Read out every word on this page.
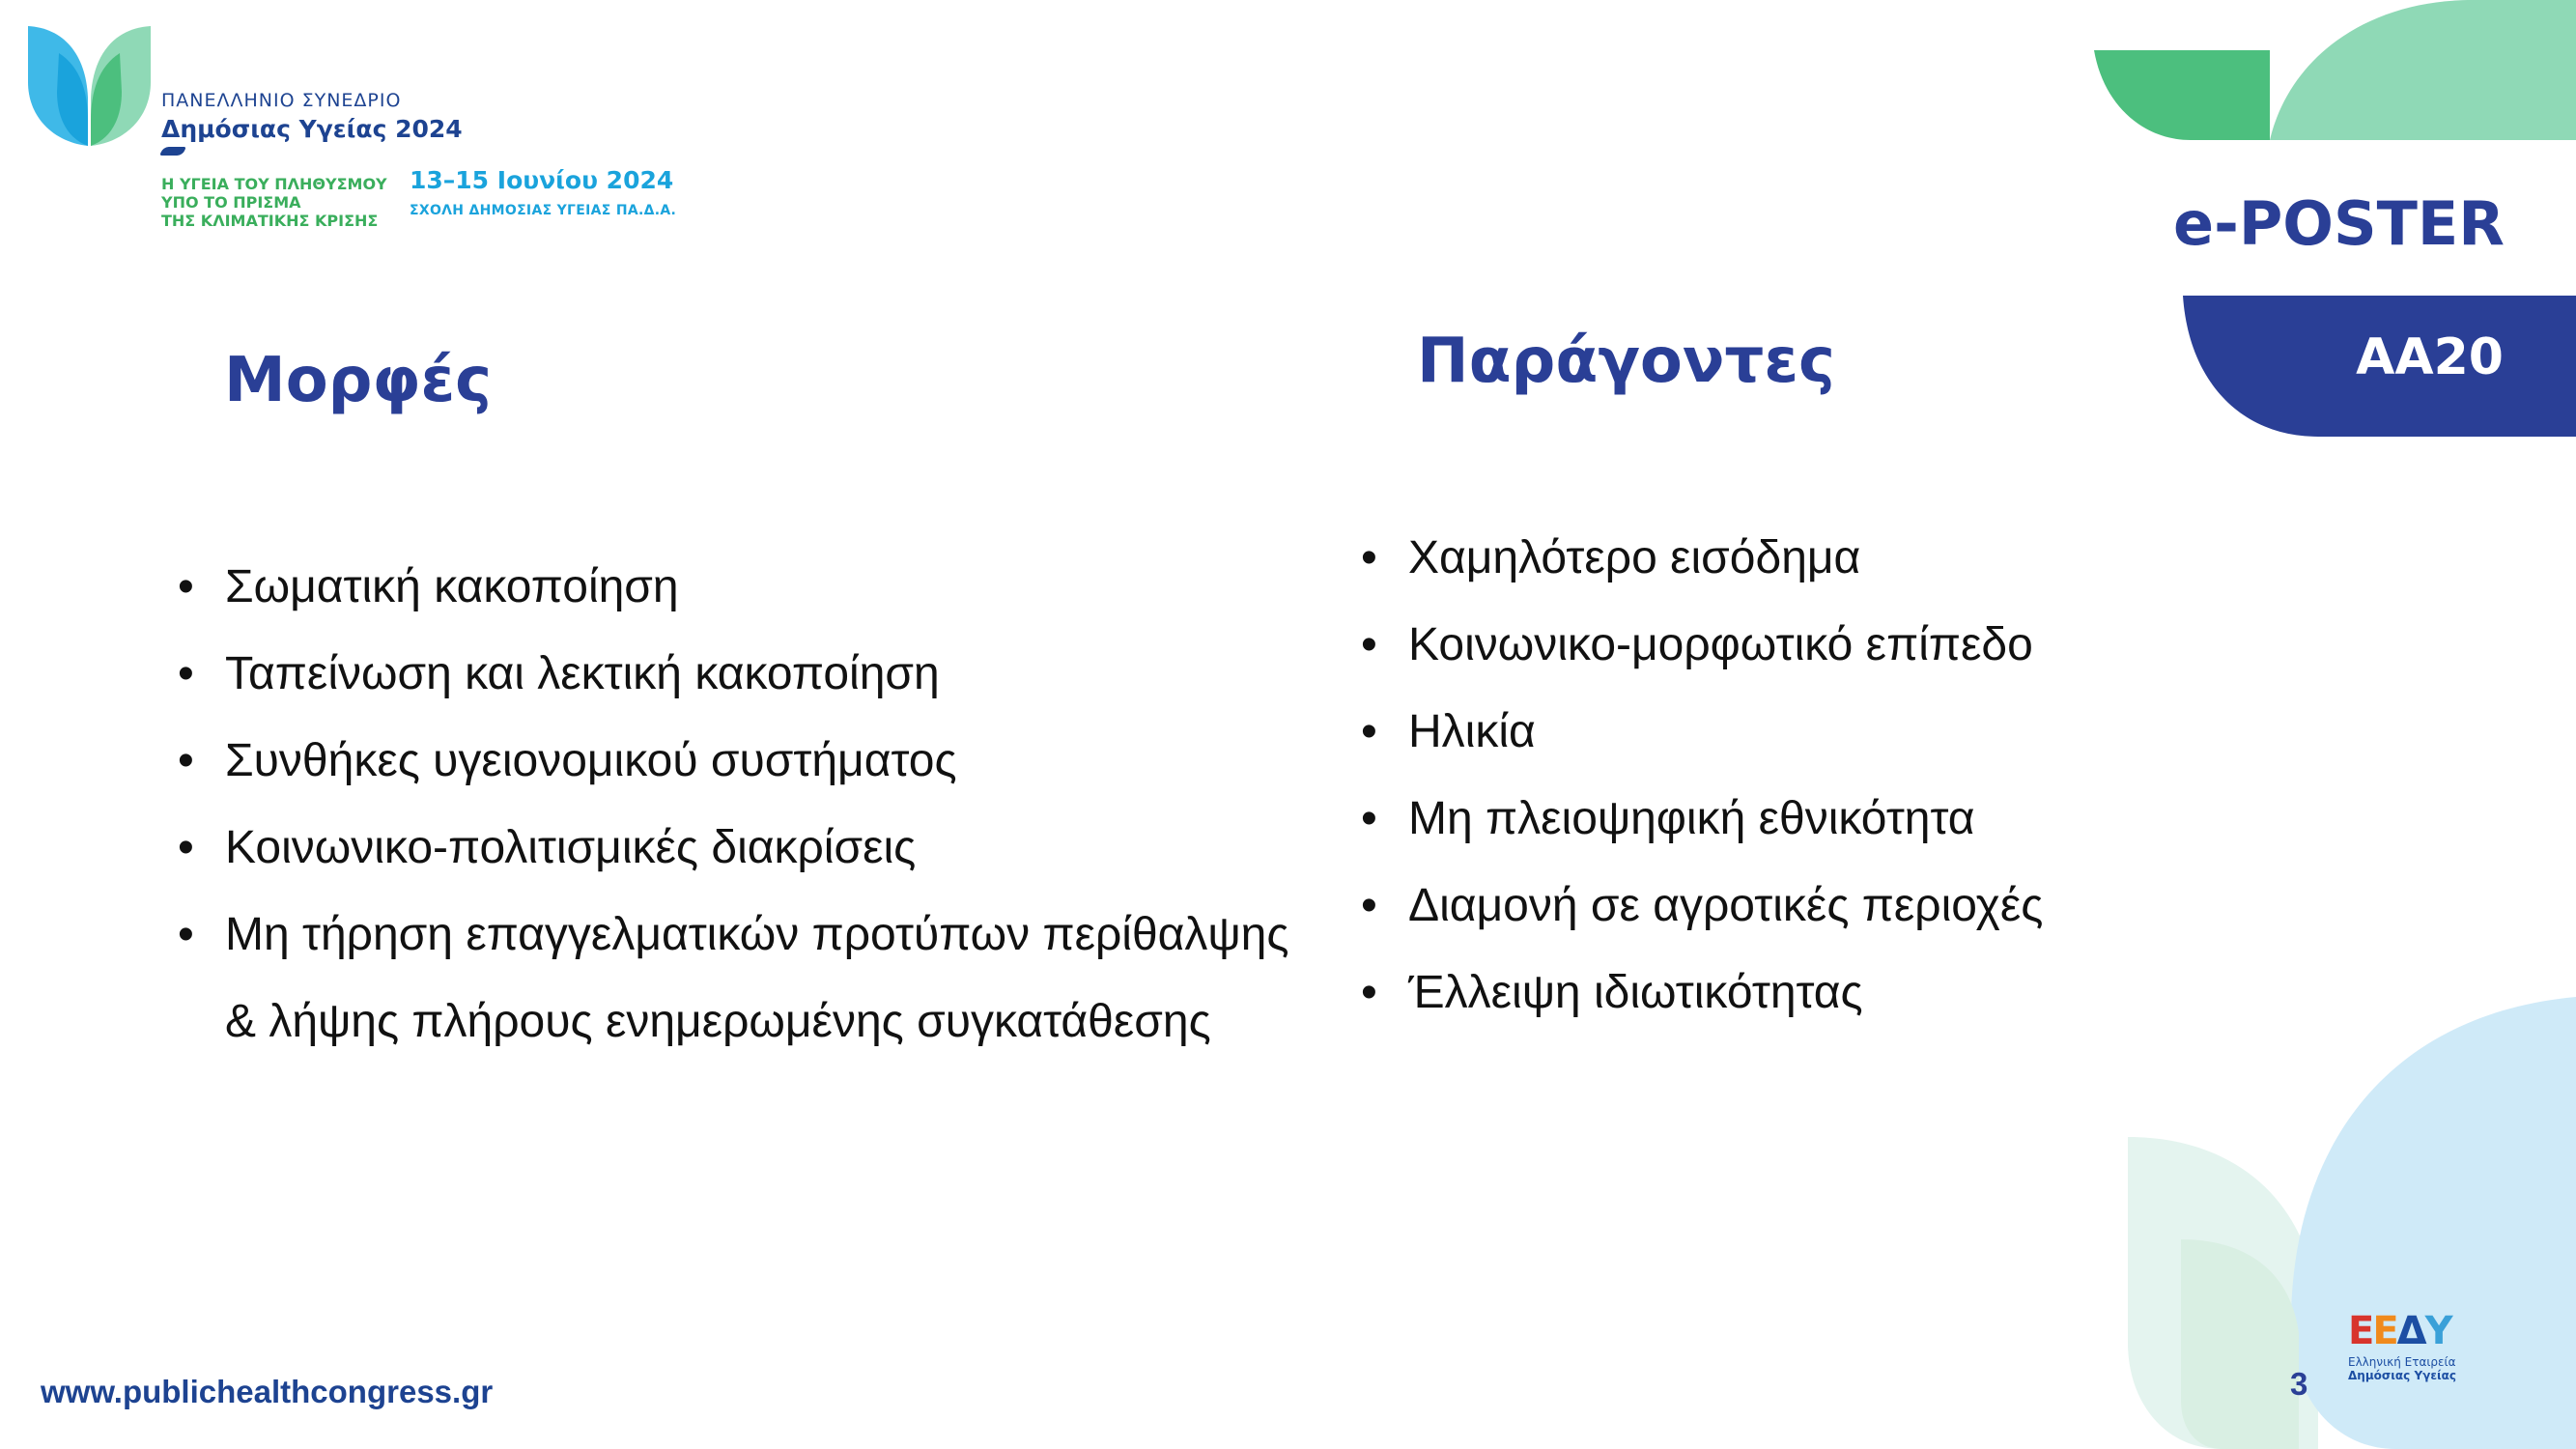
ΠΑΝΕΛΛΗΝΙΟ ΣΥΝΕΔΡΙΟ
Δημόσιας Υγείας 2024
Η ΥΓΕΙΑ ΤΟΥ ΠΛΗΘΥΣΜΟΥ
ΥΠΟ ΤΟ ΠΡΙΣΜΑ
ΤΗΣ ΚΛΙΜΑΤΙΚΗΣ ΚΡΙΣΗΣ
13–15 Ιουνίου 2024
ΣΧΟΛΗ ΔΗΜΟΣΙΑΣ ΥΓΕΙΑΣ ΠΑ.Δ.Α.	e-POSTER
ΑΑ20
Μορφές	Παράγοντες
• Σωματική κακοποίηση
• Ταπείνωση και λεκτική κακοποίηση
• Συνθήκες υγειονομικού συστήματος
• Κοινωνικο-πολιτισμικές διακρίσεις
• Μη τήρηση επαγγελματικών προτύπων περίθαλψης
& λήψης πλήρους ενημερωμένης συγκατάθεσης
• Χαμηλότερο εισόδημα
• Κοινωνικο-μορφωτικό επίπεδο
• Ηλικία
• Μη πλειοψηφική εθνικότητα
• Διαμονή σε αγροτικές περιοχές
• Έλλειψη ιδιωτικότητας
www.publichealthcongress.gr	3
ΕΕΔΥ
Ελληνική Εταιρεία
Δημόσιας Υγείας
